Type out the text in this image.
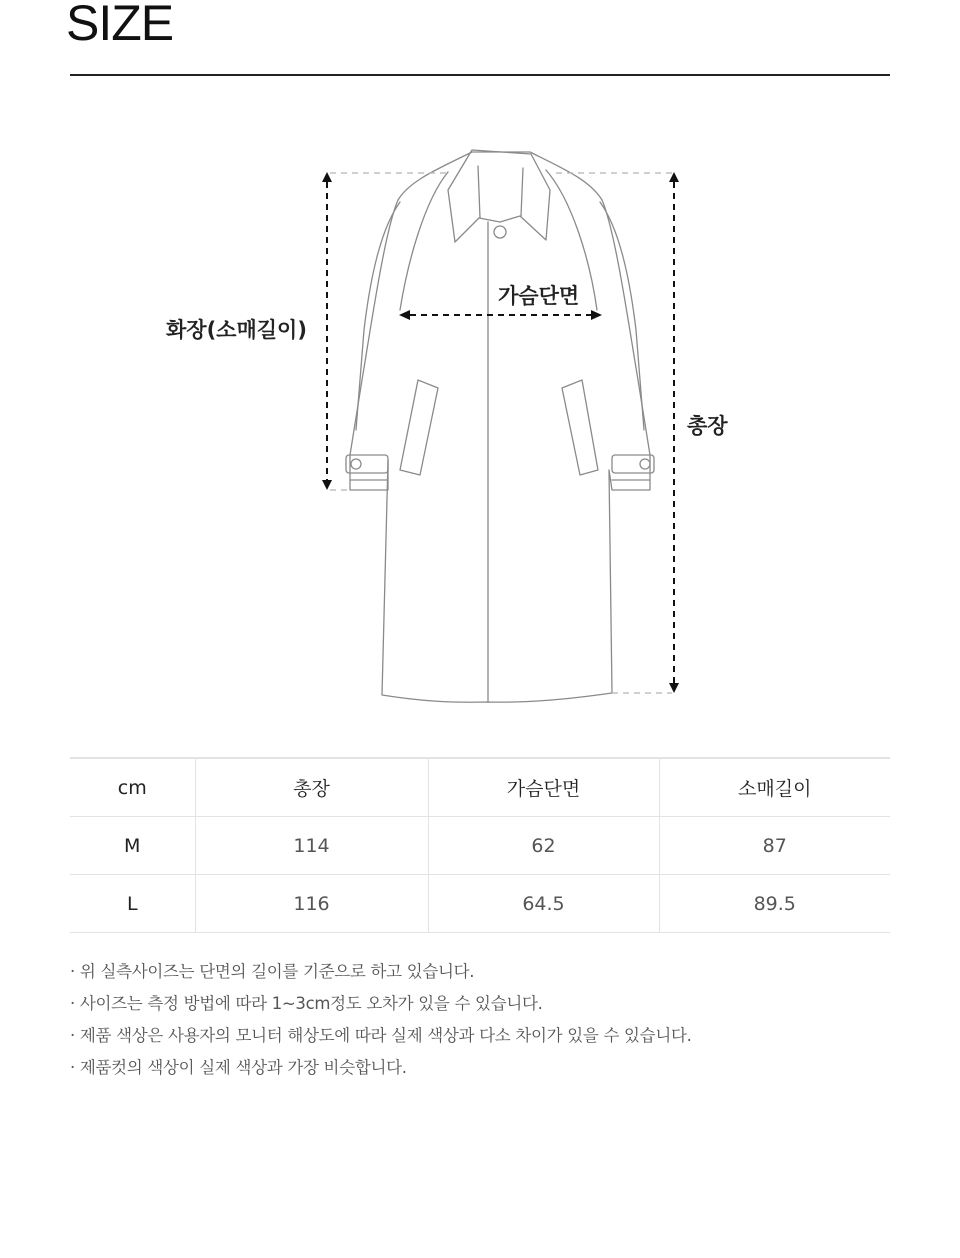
SIZE
화장(소매길이)
가슴단면
총장
cm	총장	가슴단면	소매길이
M	114	62	87
L	116	64.5	89.5
· 위 실측사이즈는 단면의 길이를 기준으로 하고 있습니다.
· 사이즈는 측정 방법에 따라 1~3cm정도 오차가 있을 수 있습니다.
· 제품 색상은 사용자의 모니터 해상도에 따라 실제 색상과 다소 차이가 있을 수 있습니다.
· 제품컷의 색상이 실제 색상과 가장 비슷합니다.
